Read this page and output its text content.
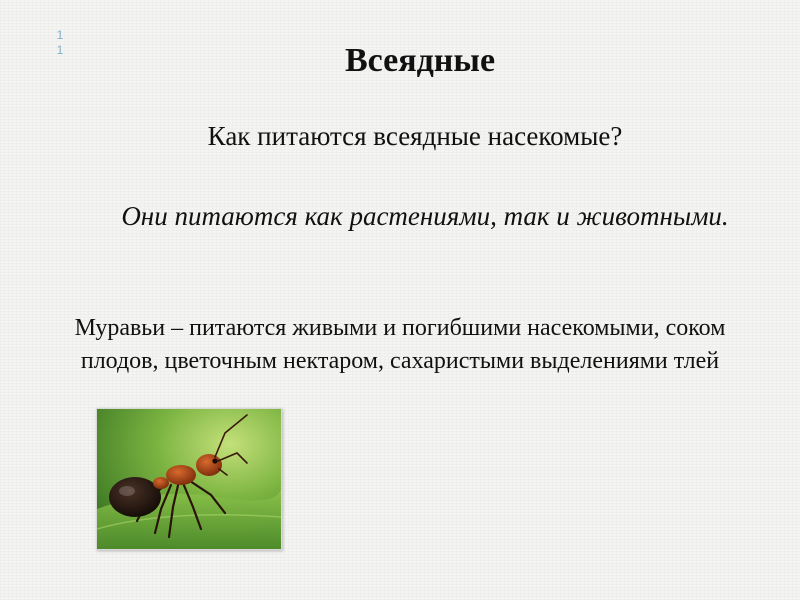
11	Всеядные
Как питаются всеядные насекомые?
Они питаются как растениями, так и животными.
Муравьи – питаются живыми и погибшими насекомыми, соком плодов, цветочным нектаром, сахаристыми выделениями тлей
